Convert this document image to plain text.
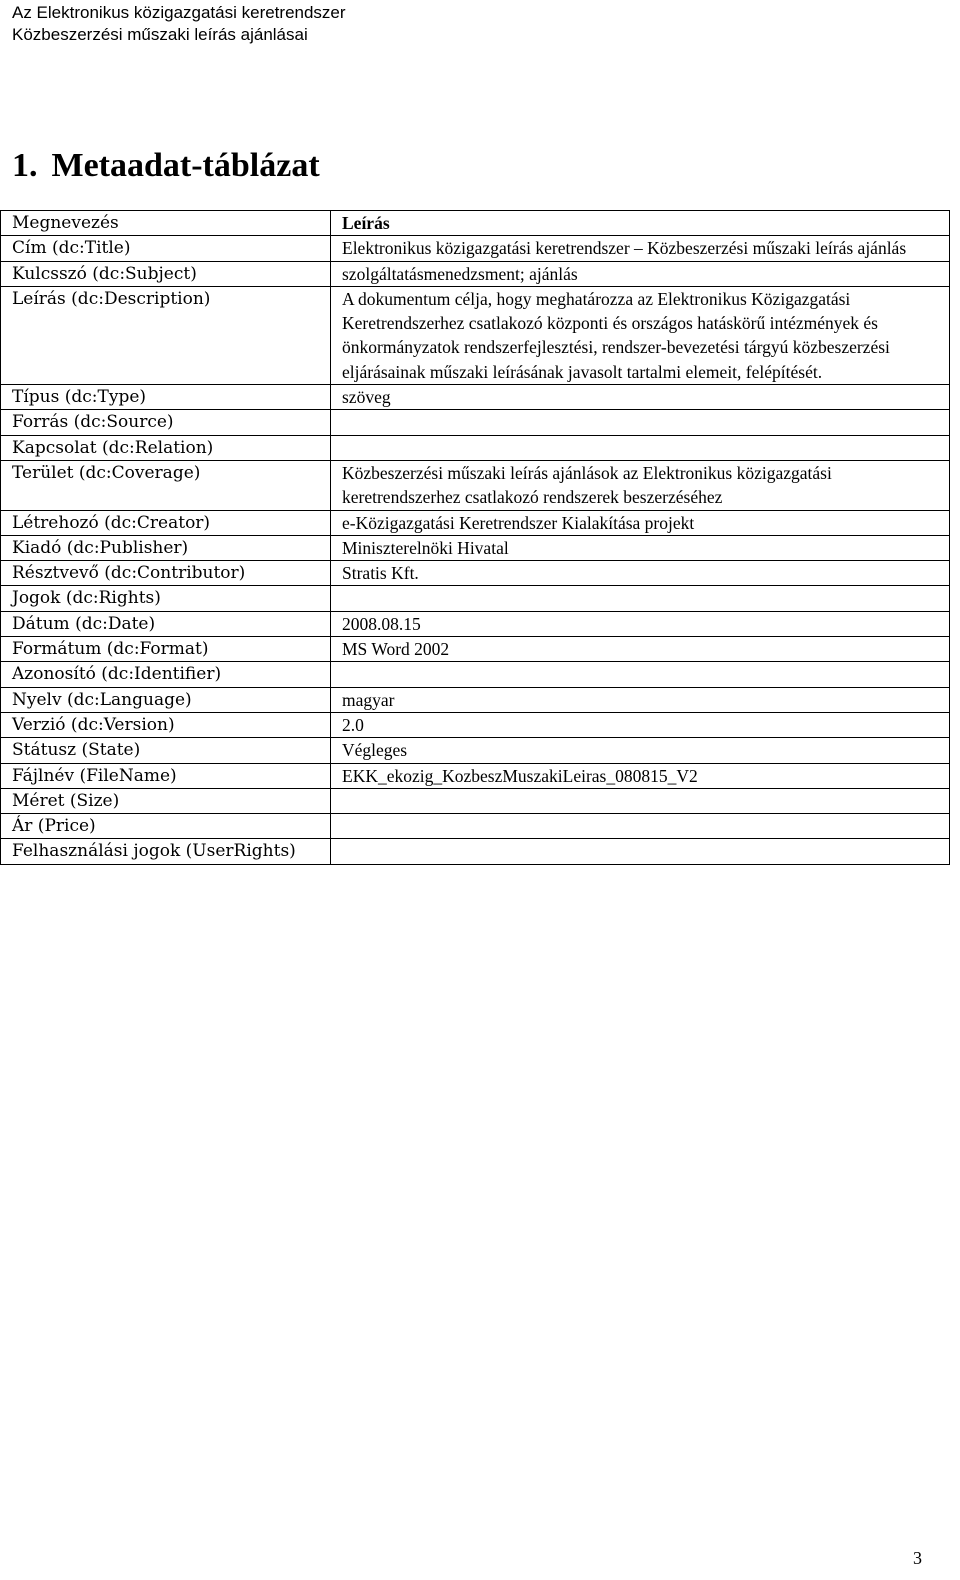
Az Elektronikus közigazgatási keretrendszer
Közbeszerzési műszaki leírás ajánlásai
1. Metaadat-táblázat
Megnevezés	Leírás
Cím (dc:Title)	Elektronikus közigazgatási keretrendszer – Közbeszerzési műszaki leírás ajánlás
Kulcsszó (dc:Subject)	szolgáltatásmenedzsment; ajánlás
Leírás (dc:Description)	A dokumentum célja, hogy meghatározza az Elektronikus Közigazgatási Keretrendszerhez csatlakozó központi és országos hatáskörű intézmények és önkormányzatok rendszerfejlesztési, rendszer-bevezetési tárgyú közbeszerzési eljárásainak műszaki leírásának javasolt tartalmi elemeit, felépítését.
Típus (dc:Type)	szöveg
Forrás (dc:Source)	
Kapcsolat (dc:Relation)	
Terület (dc:Coverage)	Közbeszerzési műszaki leírás ajánlások az Elektronikus közigazgatási keretrendszerhez csatlakozó rendszerek beszerzéséhez
Létrehozó (dc:Creator)	e-Közigazgatási Keretrendszer Kialakítása projekt
Kiadó (dc:Publisher)	Miniszterelnöki Hivatal
Résztvevő (dc:Contributor)	Stratis Kft.
Jogok (dc:Rights)	
Dátum (dc:Date)	2008.08.15
Formátum (dc:Format)	MS Word 2002
Azonosító (dc:Identifier)	
Nyelv (dc:Language)	magyar
Verzió (dc:Version)	2.0
Státusz (State)	Végleges
Fájlnév (FileName)	EKK_ekozig_KozbeszMuszakiLeiras_080815_V2
Méret (Size)	
Ár (Price)	
Felhasználási jogok (UserRights)	
3
